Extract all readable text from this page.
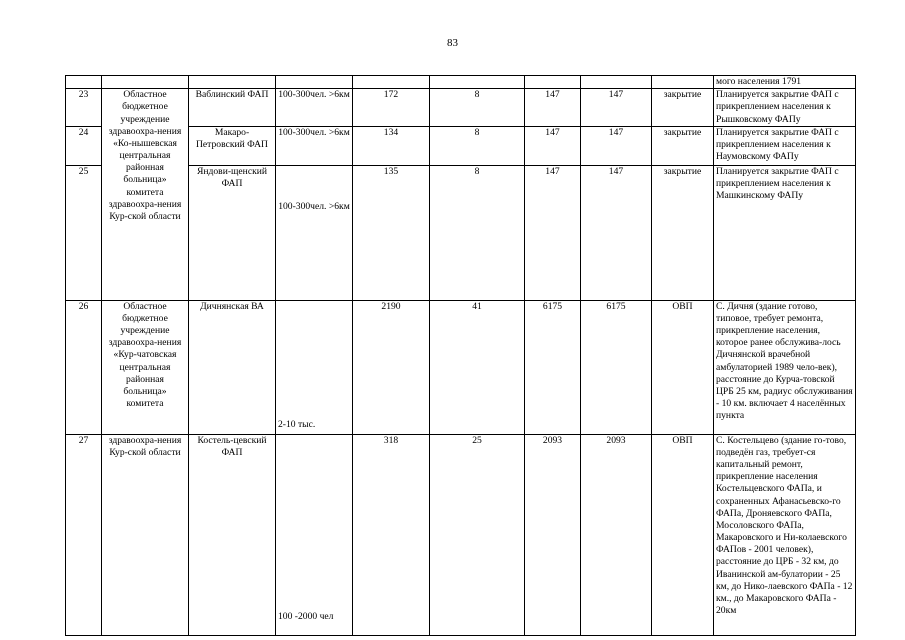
83
									мого населения 1791
23	Областное бюджетное учреждение здравоохра-нения «Ко-нышевская центральная районная больница» комитета здравоохра-нения Кур-ской области	Ваблинский ФАП	100-300чел. >6км	172	8	147	147	закрытие	Планируется закрытие ФАП с прикреплением населения к Рышковскому ФАПу
24		Макаро-Петровский ФАП	100-300чел. >6км	134	8	147	147	закрытие	Планируется закрытие ФАП с прикреплением населения к Наумовскому ФАПу
25		Яндови-щенский ФАП	100-300чел. >6км	135	8	147	147	закрытие	Планируется закрытие ФАП с прикреплением населения к Машкинскому ФАПу
26	Областное бюджетное учреждение здравоохра-нения «Кур-чатовская центральная районная больница» комитета	Дичнянская ВА	2-10 тыс.	2190	41	6175	6175	ОВП	С. Дичня (здание готово, типовое, требует ремонта, прикрепление населения, которое ранее обслужива-лось Дичнянской врачебной амбулаторией 1989 чело-век), расстояние до Курча-товской ЦРБ 25 км, радиус обслуживания - 10 км. включает 4 населённых пункта
27	здравоохра-нения Кур-ской области	Костель-цевский ФАП	100 -2000 чел	318	25	2093	2093	ОВП	С. Костельцево (здание го-тово, подведён газ, требует-ся капитальный ремонт, прикрепление населения Костельцевского ФАПа, и сохраненных Афанасьевско-го ФАПа, Дроняевского ФАПа, Мосоловского ФАПа, Макаровского и Ни-колаевского ФАПов - 2001 человек), расстояние до ЦРБ - 32 км, до Иванинской ам-булатории - 25 км, до Нико-лаевского ФАПа - 12 км., до Макаровского ФАПа - 20км
